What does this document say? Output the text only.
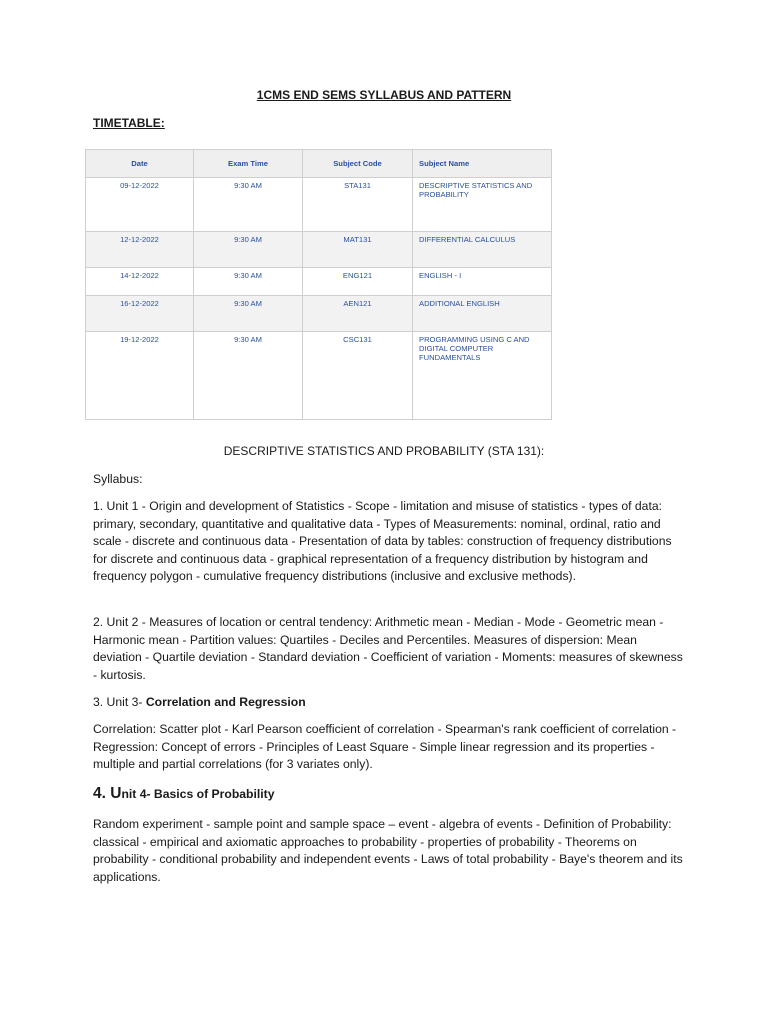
1CMS END SEMS SYLLABUS AND PATTERN
TIMETABLE:
Date	Exam Time	Subject Code	Subject Name
09-12-2022	9:30 AM	STA131	DESCRIPTIVE STATISTICS AND PROBABILITY
12-12-2022	9:30 AM	MAT131	DIFFERENTIAL CALCULUS
14-12-2022	9:30 AM	ENG121	ENGLISH - I
16-12-2022	9:30 AM	AEN121	ADDITIONAL ENGLISH
19-12-2022	9:30 AM	CSC131	PROGRAMMING USING C AND DIGITAL COMPUTER FUNDAMENTALS
DESCRIPTIVE STATISTICS AND PROBABILITY (STA 131):
Syllabus:
1. Unit 1 - Origin and development of Statistics - Scope - limitation and misuse of statistics - types of data: primary, secondary, quantitative and qualitative data - Types of Measurements: nominal, ordinal, ratio and scale - discrete and continuous data - Presentation of data by tables: construction of frequency distributions for discrete and continuous data - graphical representation of a frequency distribution by histogram and frequency polygon - cumulative frequency distributions (inclusive and exclusive methods).
2. Unit 2 - Measures of location or central tendency: Arithmetic mean - Median - Mode - Geometric mean - Harmonic mean - Partition values: Quartiles - Deciles and Percentiles. Measures of dispersion: Mean deviation - Quartile deviation - Standard deviation - Coefficient of variation - Moments: measures of skewness - kurtosis.
3. Unit 3- Correlation and Regression
Correlation: Scatter plot - Karl Pearson coefficient of correlation - Spearman's rank coefficient of correlation - Regression: Concept of errors - Principles of Least Square - Simple linear regression and its properties - multiple and partial correlations (for 3 variates only).
4. Unit 4- Basics of Probability
Random experiment - sample point and sample space – event - algebra of events - Definition of Probability: classical - empirical and axiomatic approaches to probability - properties of probability - Theorems on probability - conditional probability and independent events - Laws of total probability - Baye's theorem and its applications.
